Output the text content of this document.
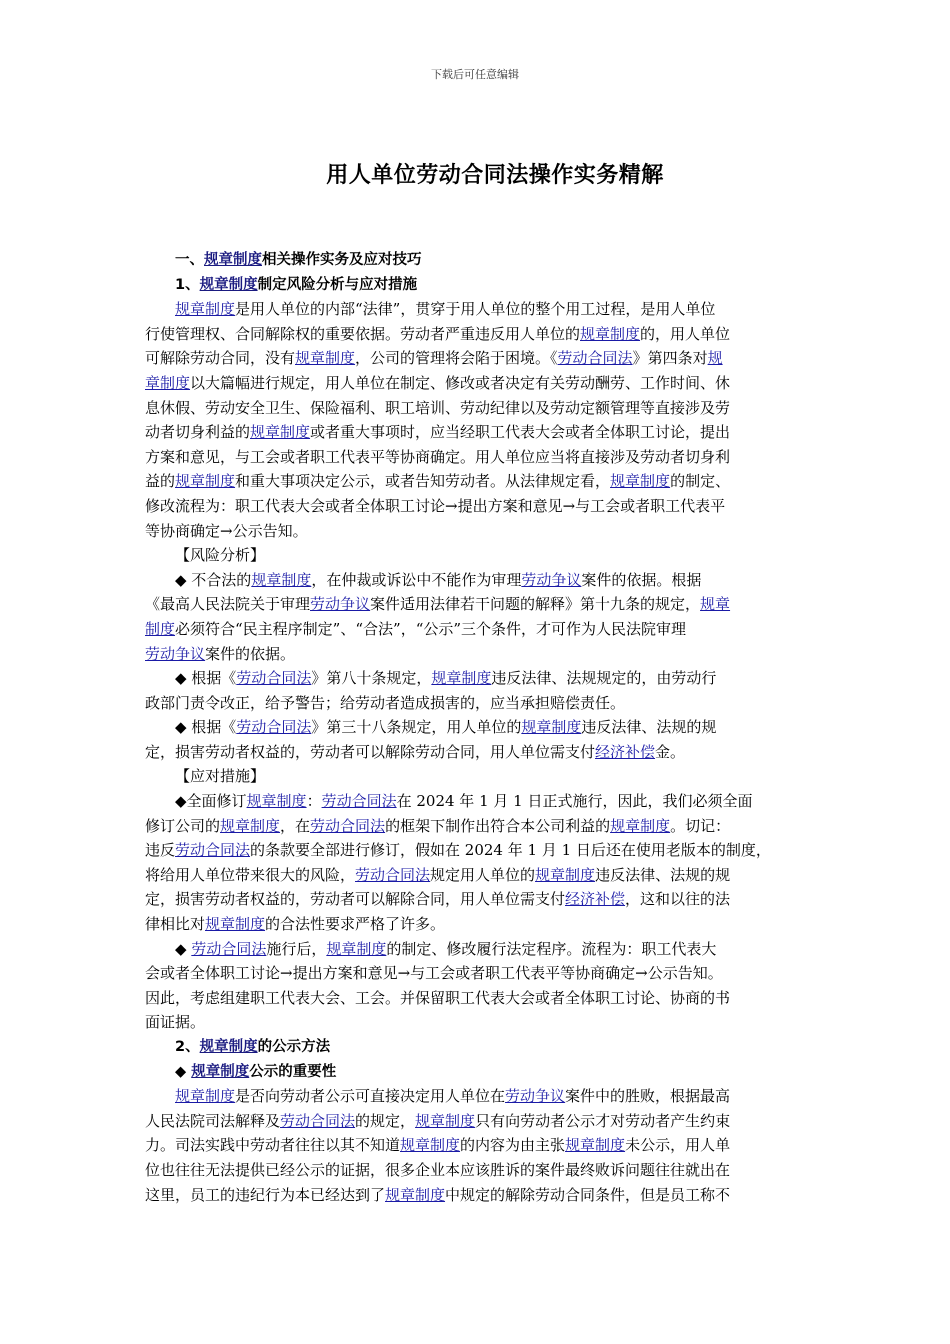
下载后可任意编辑
用人单位劳动合同法操作实务精解
一、规章制度相关操作实务及应对技巧
1、规章制度制定风险分析与应对措施
规章制度是用人单位的内部“法律”，贯穿于用人单位的整个用工过程，是用人单位
行使管理权、合同解除权的重要依据。劳动者严重违反用人单位的规章制度的，用人单位
可解除劳动合同，没有规章制度，公司的管理将会陷于困境。《劳动合同法》第四条对规
章制度以大篇幅进行规定，用人单位在制定、修改或者决定有关劳动酬劳、工作时间、休
息休假、劳动安全卫生、保险福利、职工培训、劳动纪律以及劳动定额管理等直接涉及劳
动者切身利益的规章制度或者重大事项时，应当经职工代表大会或者全体职工讨论，提出
方案和意见，与工会或者职工代表平等协商确定。用人单位应当将直接涉及劳动者切身利
益的规章制度和重大事项决定公示，或者告知劳动者。从法律规定看，规章制度的制定、
修改流程为：职工代表大会或者全体职工讨论→提出方案和意见→与工会或者职工代表平
等协商确定→公示告知。
【风险分析】
◆ 不合法的规章制度，在仲裁或诉讼中不能作为审理劳动争议案件的依据。根据
《最高人民法院关于审理劳动争议案件适用法律若干问题的解释》第十九条的规定，规章
制度必须符合“民主程序制定”、“合法”，“公示”三个条件，才可作为人民法院审理
劳动争议案件的依据。
◆ 根据《劳动合同法》第八十条规定，规章制度违反法律、法规规定的，由劳动行
政部门责令改正，给予警告；给劳动者造成损害的，应当承担赔偿责任。
◆ 根据《劳动合同法》第三十八条规定，用人单位的规章制度违反法律、法规的规
定，损害劳动者权益的，劳动者可以解除劳动合同，用人单位需支付经济补偿金。
【应对措施】
◆全面修订规章制度：劳动合同法在 2024 年 1 月 1 日正式施行，因此，我们必须全面
修订公司的规章制度，在劳动合同法的框架下制作出符合本公司利益的规章制度。切记：
违反劳动合同法的条款要全部进行修订，假如在 2024 年 1 月 1 日后还在使用老版本的制度，
将给用人单位带来很大的风险，劳动合同法规定用人单位的规章制度违反法律、法规的规
定，损害劳动者权益的，劳动者可以解除合同，用人单位需支付经济补偿，这和以往的法
律相比对规章制度的合法性要求严格了许多。
◆ 劳动合同法施行后，规章制度的制定、修改履行法定程序。流程为：职工代表大
会或者全体职工讨论→提出方案和意见→与工会或者职工代表平等协商确定→公示告知。
因此，考虑组建职工代表大会、工会。并保留职工代表大会或者全体职工讨论、协商的书
面证据。
2、规章制度的公示方法
◆ 规章制度公示的重要性
规章制度是否向劳动者公示可直接决定用人单位在劳动争议案件中的胜败，根据最高
人民法院司法解释及劳动合同法的规定，规章制度只有向劳动者公示才对劳动者产生约束
力。司法实践中劳动者往往以其不知道规章制度的内容为由主张规章制度未公示，用人单
位也往往无法提供已经公示的证据，很多企业本应该胜诉的案件最终败诉问题往往就出在
这里，员工的违纪行为本已经达到了规章制度中规定的解除劳动合同条件，但是员工称不
